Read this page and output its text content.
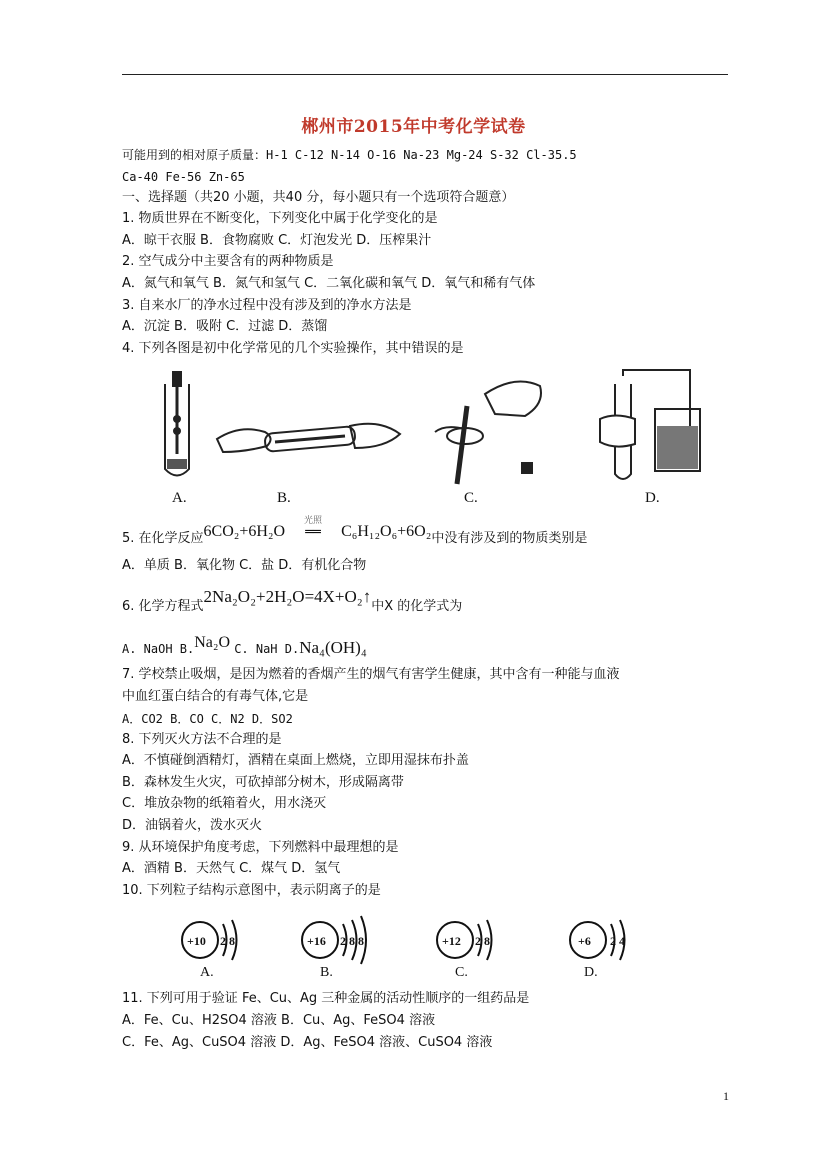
郴州市2015年中考化学试卷
可能用到的相对原子质量：H-1 C-12 N-14 O-16 Na-23 Mg-24 S-32 Cl-35.5
Ca-40 Fe-56 Zn-65
一、选择题（共20 小题，共40 分，每小题只有一个选项符合题意）
1. 物质世界在不断变化，下列变化中属于化学变化的是
A．晾干衣服 B．食物腐败 C．灯泡发光 D．压榨果汁
2. 空气成分中主要含有的两种物质是
A．氮气和氧气 B．氮气和氢气 C．二氧化碳和氧气 D．氧气和稀有气体
3. 自来水厂的净水过程中没有涉及到的净水方法是
A．沉淀 B．吸附 C．过滤 D．蒸馏
4. 下列各图是初中化学常见的几个实验操作，其中错误的是
A.	B.	C.	D.
5. 在化学反应6CO₂+6H₂O
光照
══ C₆H₁₂O₆+6O₂中没有涉及到的物质类别是
A．单质 B．氧化物 C．盐 D．有机化合物
6. 化学方程式2Na₂O₂+2H₂O=4X+O₂↑中X 的化学式为
A. NaOH B.Na₂O C. NaH D.Na₄(OH)₄
7. 学校禁止吸烟，是因为燃着的香烟产生的烟气有害学生健康，其中含有一种能与血液
中血红蛋白结合的有毒气体,它是
A．CO2 B．CO C．N2 D．SO2
8. 下列灭火方法不合理的是
A．不慎碰倒酒精灯，酒精在桌面上燃烧，立即用湿抹布扑盖
B．森林发生火灾，可砍掉部分树木，形成隔离带
C．堆放杂物的纸箱着火，用水浇灭
D．油锅着火，泼水灭火
9. 从环境保护角度考虑，下列燃料中最理想的是
A．酒精 B．天然气 C．煤气 D．氢气
10. 下列粒子结构示意图中，表示阴离子的是
+10 2 8	+16 2 8 8	+12 2 8	+6 2 4
A.	B.	C.	D.
11. 下列可用于验证 Fe、Cu、Ag 三种金属的活动性顺序的一组药品是
A．Fe、Cu、H2SO4 溶液 B．Cu、Ag、FeSO4 溶液
C．Fe、Ag、CuSO4 溶液 D．Ag、FeSO4 溶液、CuSO4 溶液
1
